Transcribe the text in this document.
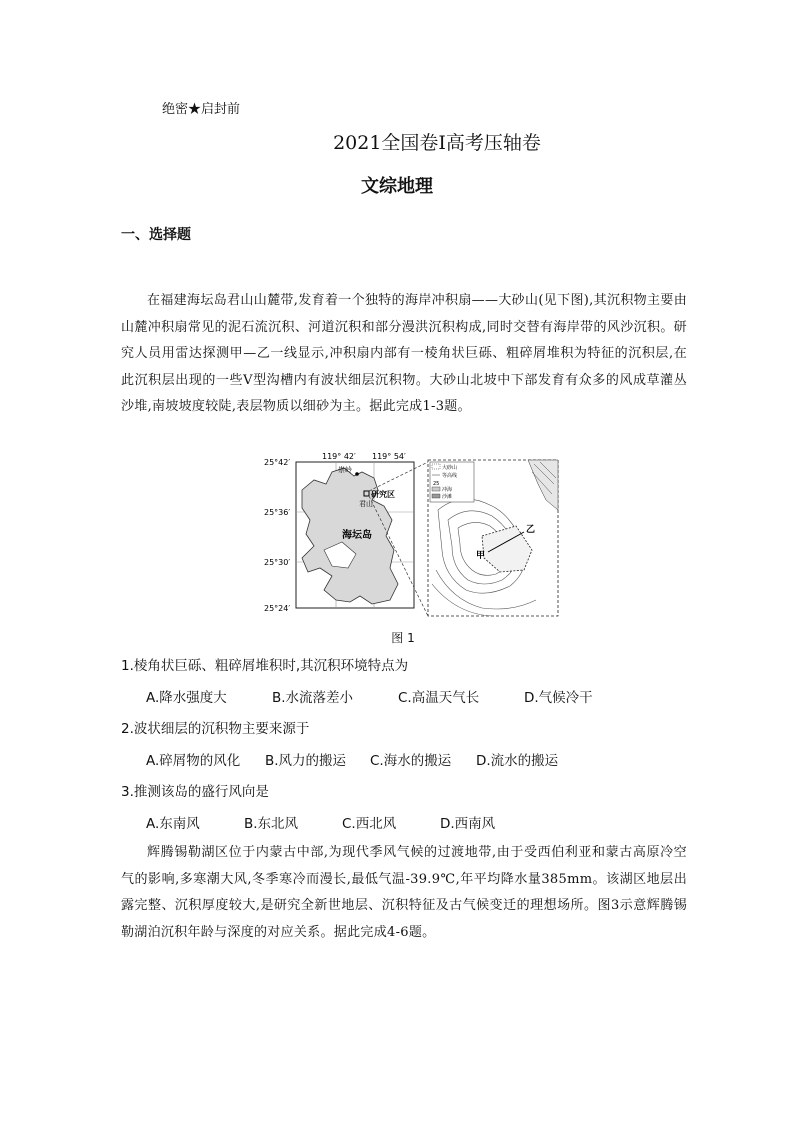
绝密★启封前
2021全国卷Ⅰ高考压轴卷
文综地理
一、选择题
在福建海坛岛君山山麓带,发育着一个独特的海岸冲积扇——大砂山(见下图),其沉积物主要由山麓冲积扇常见的泥石流沉积、河道沉积和部分漫洪沉积构成,同时交替有海岸带的风沙沉积。研究人员用雷达探测甲—乙一线显示,冲积扇内部有一棱角状巨砾、粗碎屑堆积为特征的沉积层,在此沉积层出现的一些V型沟槽内有波状细层沉积物。大砂山北坡中下部发育有众多的风成草灌丛沙堆,南坡坡度较陡,表层物质以细砂为主。据此完成1-3题。
25°42′
25°36′
25°30′
25°24′
119° 42′ 119° 54′
崇岭
研究区
君山
海坛岛
甲
乙
大砂山
等高线
25
冲海
沙滩
图 1
1.棱角状巨砾、粗碎屑堆积时,其沉积环境特点为
A.降水强度大	B.水流落差小	C.高温天气长	D.气候冷干
2.波状细层的沉积物主要来源于
A.碎屑物的风化 B.风力的搬运 C.海水的搬运 D.流水的搬运
3.推测该岛的盛行风向是
A.东南风	B.东北风	C.西北风	D.西南风
辉腾锡勒湖区位于内蒙古中部,为现代季风气候的过渡地带,由于受西伯利亚和蒙古高原冷空气的影响,多寒潮大风,冬季寒冷而漫长,最低气温-39.9℃,年平均降水量385mm。该湖区地层出露完整、沉积厚度较大,是研究全新世地层、沉积特征及古气候变迁的理想场所。图3示意辉腾锡勒湖泊沉积年龄与深度的对应关系。据此完成4-6题。
